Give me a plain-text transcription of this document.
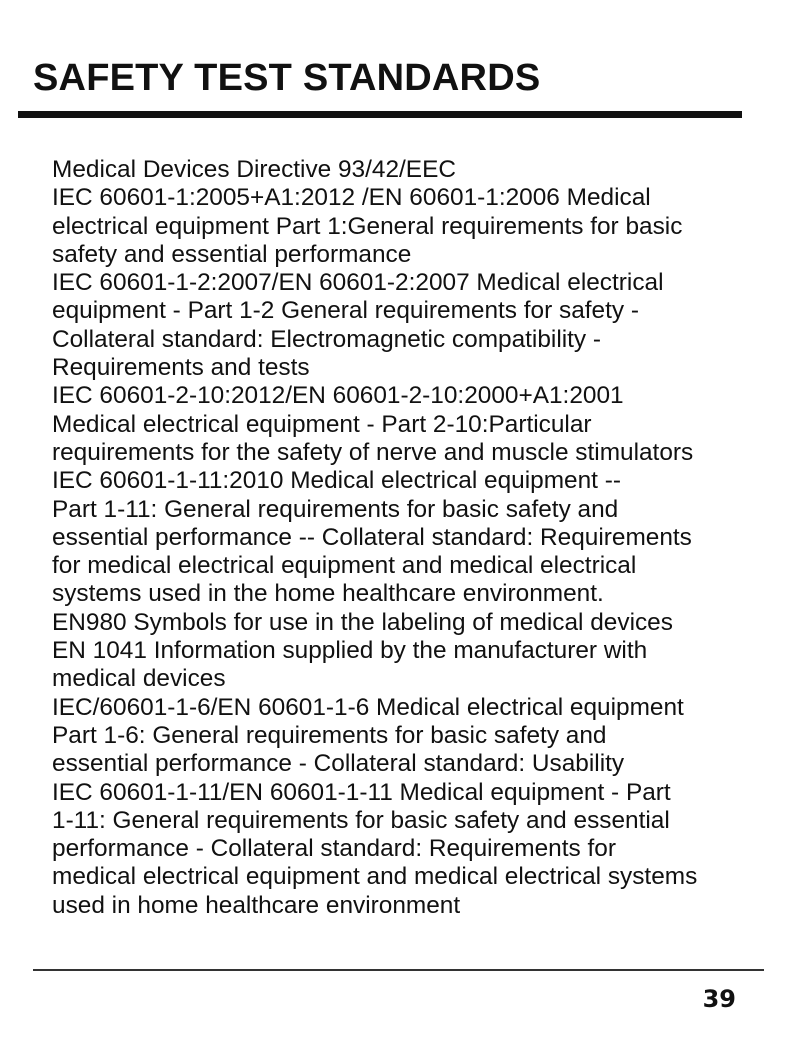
SAFETY TEST STANDARDS
Medical Devices Directive 93/42/EEC
IEC 60601-1:2005+A1:2012 /EN 60601-1:2006 Medical
electrical equipment Part 1:General requirements for basic
safety and essential performance
IEC 60601-1-2:2007/EN 60601-2:2007 Medical electrical
equipment - Part 1-2 General requirements for safety -
Collateral standard: Electromagnetic compatibility -
Requirements and tests
IEC 60601-2-10:2012/EN 60601-2-10:2000+A1:2001
Medical electrical equipment - Part 2-10:Particular
requirements for the safety of nerve and muscle stimulators
IEC 60601-1-11:2010 Medical electrical equipment --
Part 1-11: General requirements for basic safety and
essential performance -- Collateral standard: Requirements
for medical electrical equipment and medical electrical
systems used in the home healthcare environment.
EN980 Symbols for use in the labeling of medical devices
EN 1041 Information supplied by the manufacturer with
medical devices
IEC/60601-1-6/EN 60601-1-6 Medical electrical equipment
Part 1-6: General requirements for basic safety and
essential performance - Collateral standard: Usability
IEC 60601-1-11/EN 60601-1-11 Medical equipment - Part
1-11: General requirements for basic safety and essential
performance - Collateral standard: Requirements for
medical electrical equipment and medical electrical systems
used in home healthcare environment
39
